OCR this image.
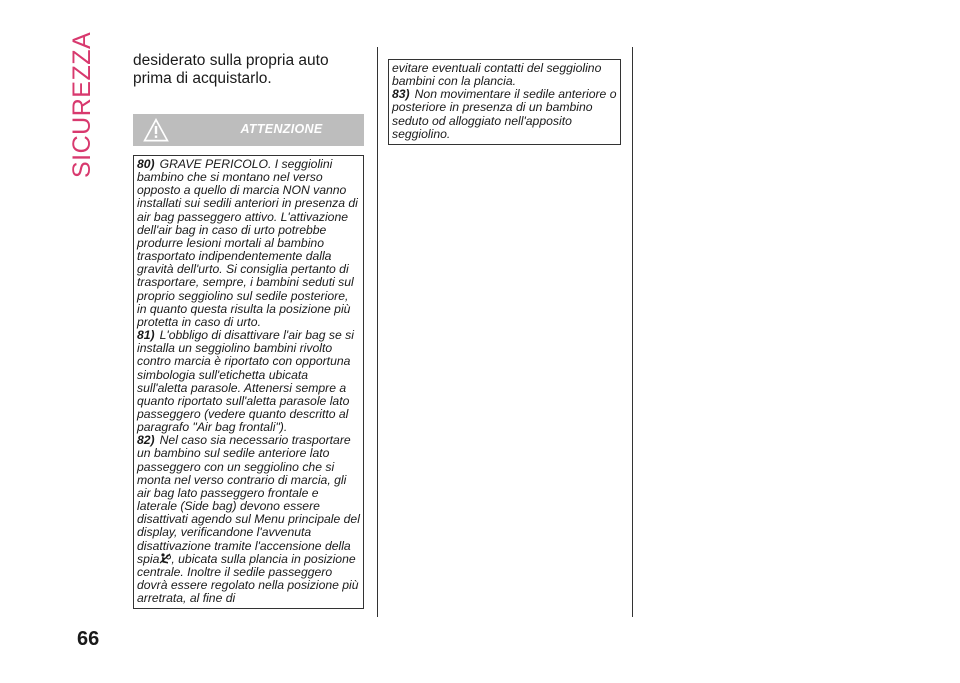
SICUREZZA
66
desiderato sulla propria auto prima di acquistarlo.
ATTENZIONE

80) GRAVE PERICOLO. I seggiolini bambino che si montano nel verso opposto a quello di marcia NON vanno installati sui sedili anteriori in presenza di air bag passeggero attivo. L'attivazione dell'air bag in caso di urto potrebbe produrre lesioni mortali al bambino trasportato indipendentemente dalla gravità dell'urto. Si consiglia pertanto di trasportare, sempre, i bambini seduti sul proprio seggiolino sul sedile posteriore, in quanto questa risulta la posizione più protetta in caso di urto.

81) L'obbligo di disattivare l'air bag se si installa un seggiolino bambini rivolto contro marcia è riportato con opportuna simbologia sull'etichetta ubicata sull'aletta parasole. Attenersi sempre a quanto riportato sull'aletta parasole lato passeggero (vedere quanto descritto al paragrafo "Air bag frontali").

82) Nel caso sia necessario trasportare un bambino sul sedile anteriore lato passeggero con un seggiolino che si monta nel verso contrario di marcia, gli air bag lato passeggero frontale e laterale (Side bag) devono essere disattivati agendo sul Menu principale del display, verificandone l'avvenuta disattivazione tramite l'accensione della spia , ubicata sulla plancia in posizione centrale. Inoltre il sedile passeggero dovrà essere regolato nella posizione più arretrata, al fine di

evitare eventuali contatti del seggiolino bambini con la plancia.

83) Non movimentare il sedile anteriore o posteriore in presenza di un bambino seduto od alloggiato nell'apposito seggiolino.
